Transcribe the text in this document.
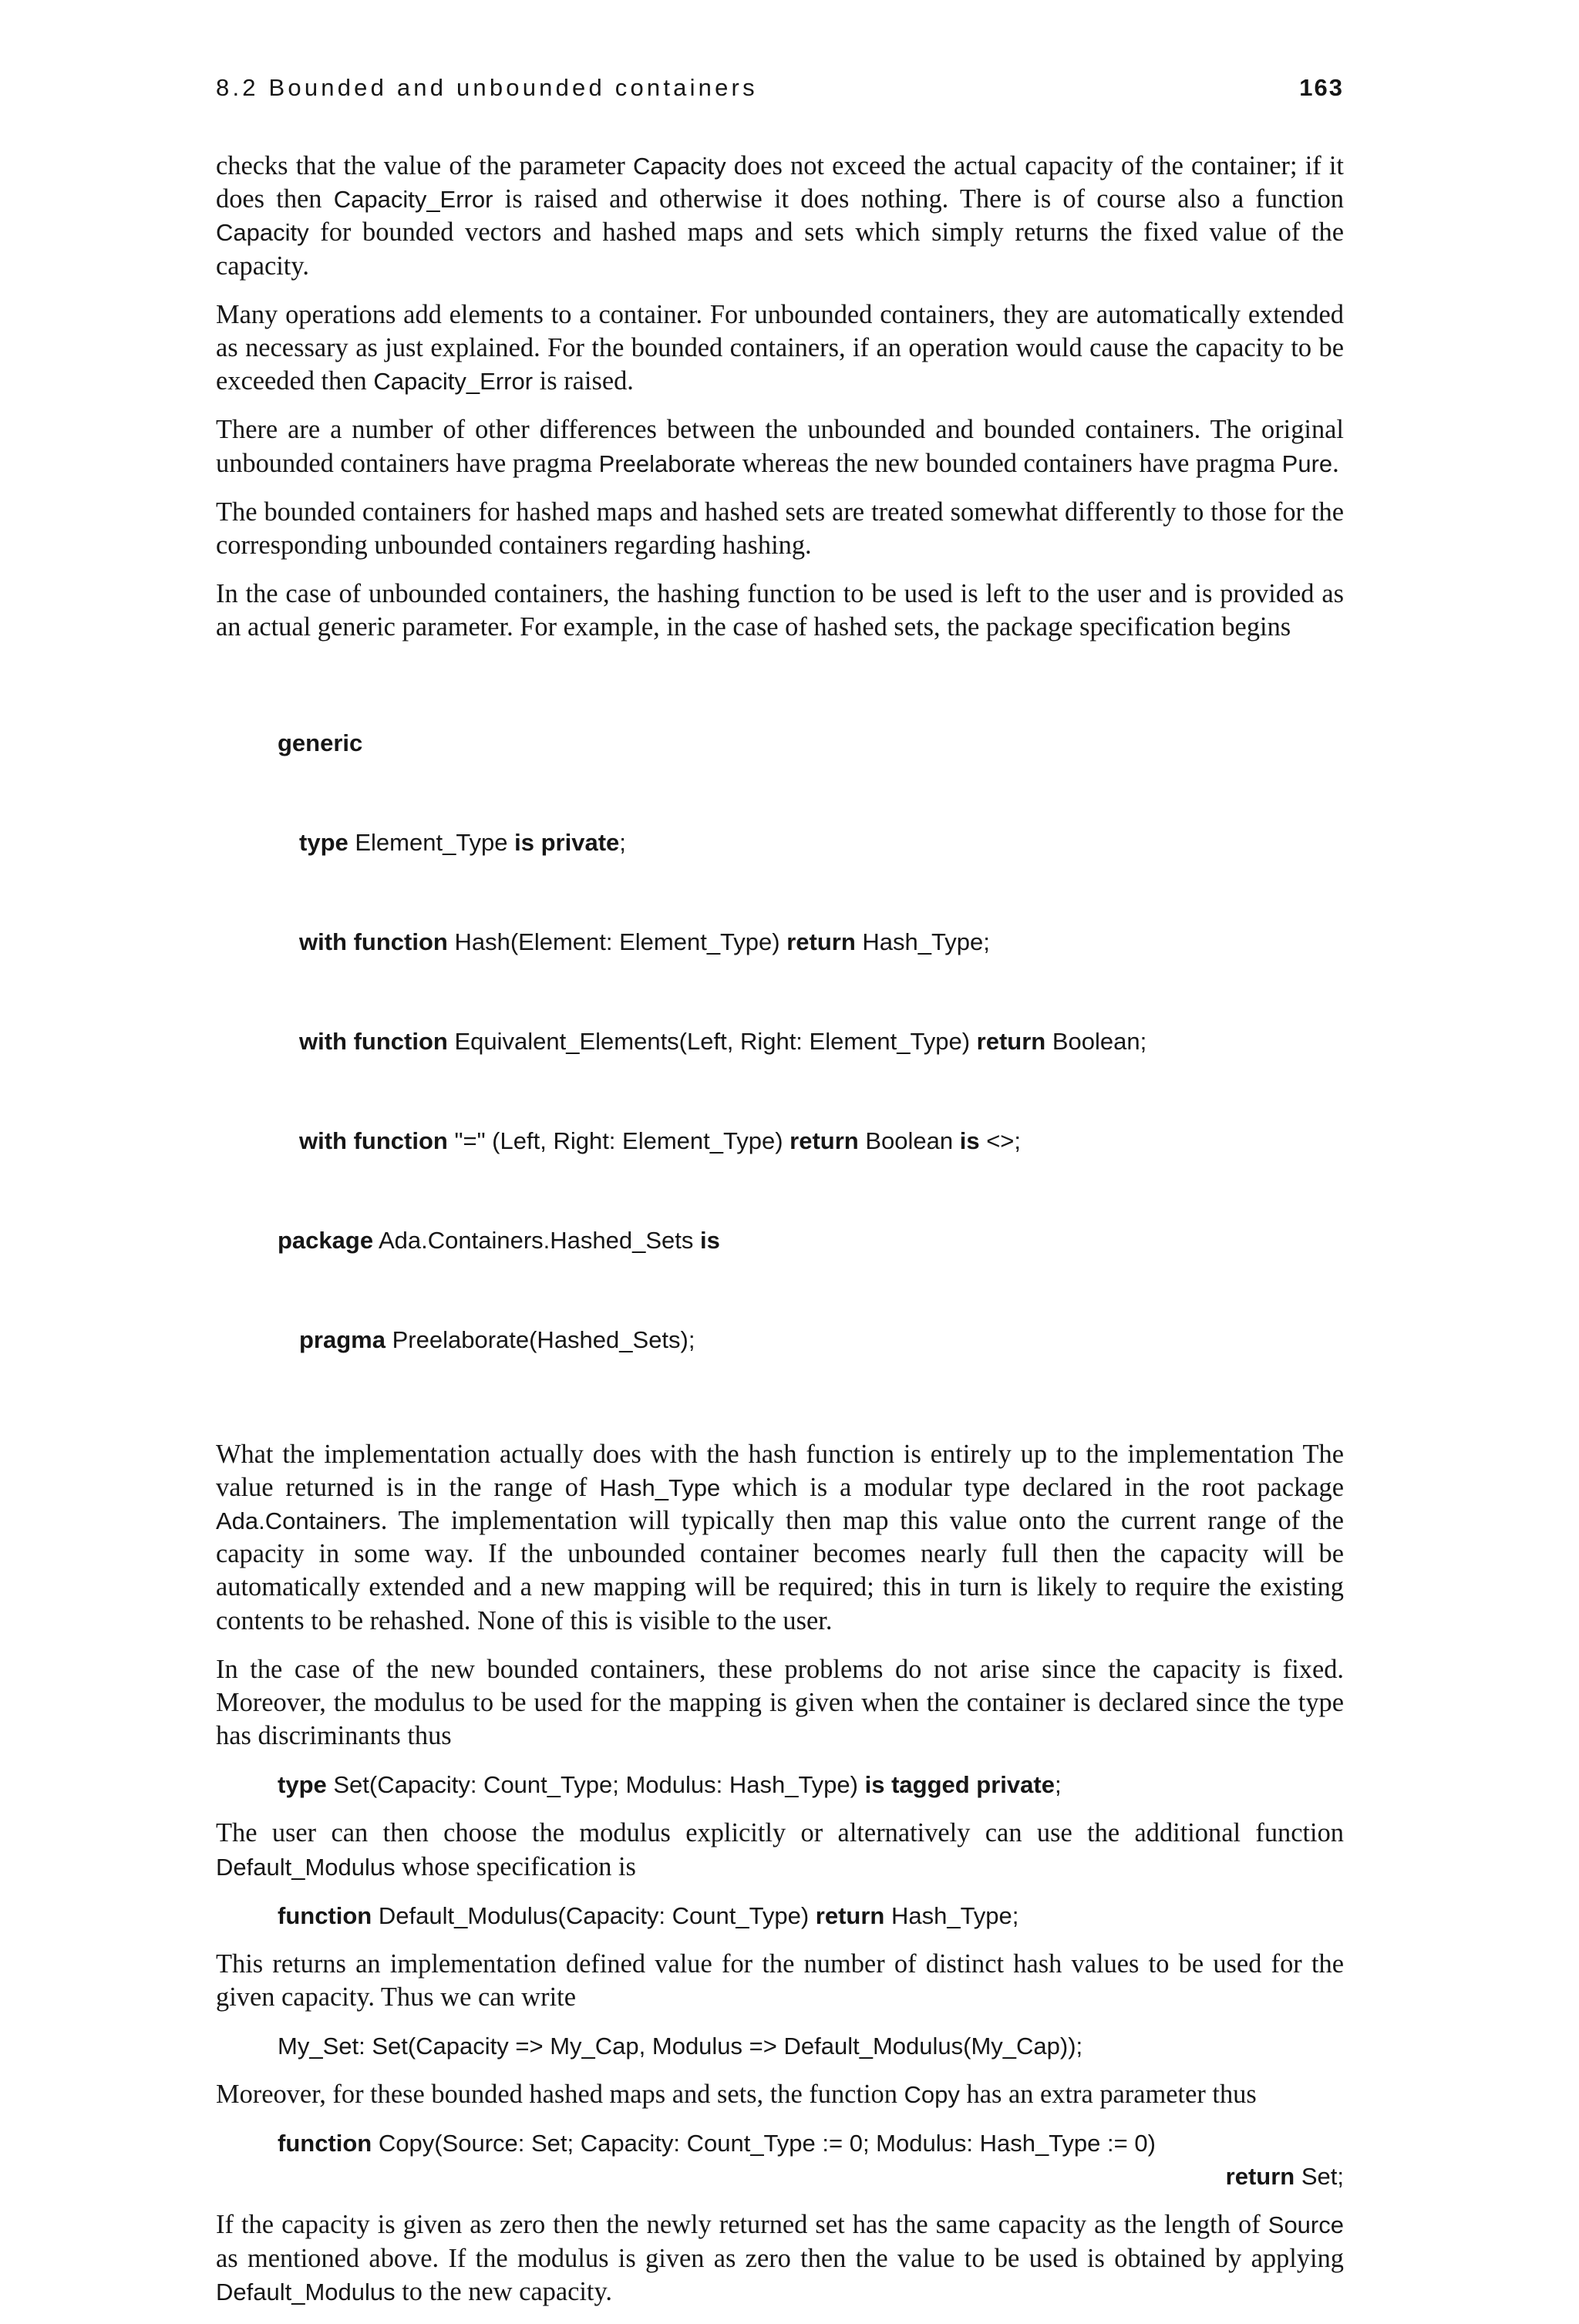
8.2 Bounded and unbounded containers	163

checks that the value of the parameter Capacity does not exceed the actual capacity of the container; if it does then Capacity_Error is raised and otherwise it does nothing. There is of course also a function Capacity for bounded vectors and hashed maps and sets which simply returns the fixed value of the capacity.

Many operations add elements to a container. For unbounded containers, they are automatically extended as necessary as just explained. For the bounded containers, if an operation would cause the capacity to be exceeded then Capacity_Error is raised.

There are a number of other differences between the unbounded and bounded containers. The original unbounded containers have pragma Preelaborate whereas the new bounded containers have pragma Pure.

The bounded containers for hashed maps and hashed sets are treated somewhat differently to those for the corresponding unbounded containers regarding hashing.

In the case of unbounded containers, the hashing function to be used is left to the user and is provided as an actual generic parameter. For example, in the case of hashed sets, the package specification begins

generic

type Element_Type is private;

with function Hash(Element: Element_Type) return Hash_Type;

with function Equivalent_Elements(Left, Right: Element_Type) return Boolean;

with function "=" (Left, Right: Element_Type) return Boolean is <>;

package Ada.Containers.Hashed_Sets is

pragma Preelaborate(Hashed_Sets);

What the implementation actually does with the hash function is entirely up to the implementation The value returned is in the range of Hash_Type which is a modular type declared in the root package Ada.Containers. The implementation will typically then map this value onto the current range of the capacity in some way. If the unbounded container becomes nearly full then the capacity will be automatically extended and a new mapping will be required; this in turn is likely to require the existing contents to be rehashed. None of this is visible to the user.

In the case of the new bounded containers, these problems do not arise since the capacity is fixed. Moreover, the modulus to be used for the mapping is given when the container is declared since the type has discriminants thus

type Set(Capacity: Count_Type; Modulus: Hash_Type) is tagged private;

The user can then choose the modulus explicitly or alternatively can use the additional function Default_Modulus whose specification is

function Default_Modulus(Capacity: Count_Type) return Hash_Type;

This returns an implementation defined value for the number of distinct hash values to be used for the given capacity. Thus we can write

My_Set: Set(Capacity => My_Cap, Modulus => Default_Modulus(My_Cap));

Moreover, for these bounded hashed maps and sets, the function Copy has an extra parameter thus

function Copy(Source: Set; Capacity: Count_Type := 0; Modulus: Hash_Type := 0)
return Set;

If the capacity is given as zero then the newly returned set has the same capacity as the length of Source as mentioned above. If the modulus is given as zero then the value to be used is obtained by applying Default_Modulus to the new capacity.
